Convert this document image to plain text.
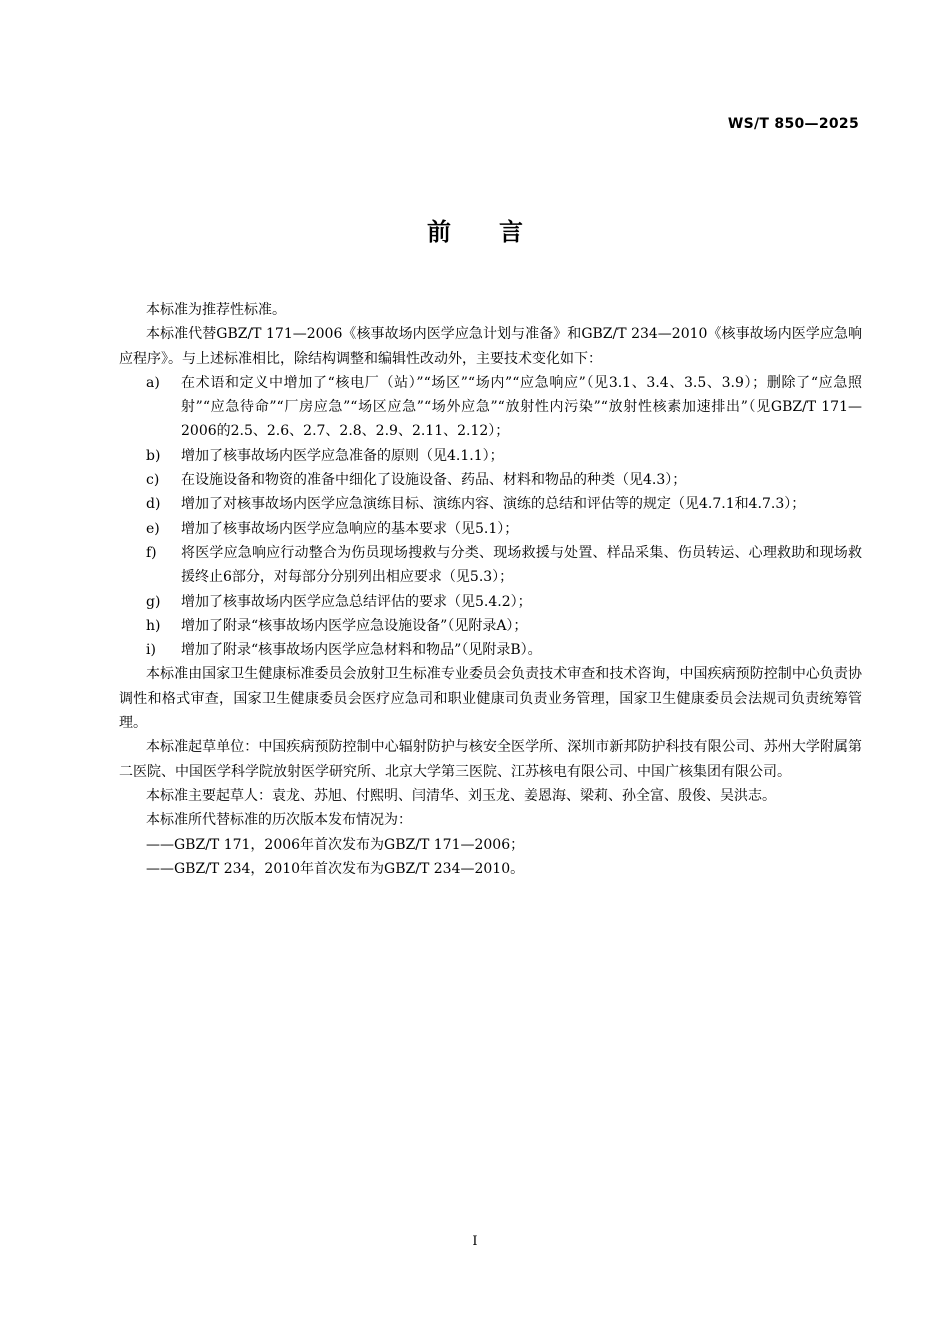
WS/T 850—2025
前言

本标准为推荐性标准。

本标准代替GBZ/T 171—2006《核事故场内医学应急计划与准备》和GBZ/T 234—2010《核事故场内医学应急响应程序》。与上述标准相比，除结构调整和编辑性改动外，主要技术变化如下：

a)	在术语和定义中增加了“核电厂（站）”“场区”“场内”“应急响应”（见3.1、3.4、3.5、3.9）；删除了“应急照射”“应急待命”“厂房应急”“场区应急”“场外应急”“放射性内污染”“放射性核素加速排出”（见GBZ/T 171—2006的2.5、2.6、2.7、2.8、2.9、2.11、2.12）；
b)	增加了核事故场内医学应急准备的原则（见4.1.1）；
c)	在设施设备和物资的准备中细化了设施设备、药品、材料和物品的种类（见4.3）；
d)	增加了对核事故场内医学应急演练目标、演练内容、演练的总结和评估等的规定（见4.7.1和4.7.3）；
e)	增加了核事故场内医学应急响应的基本要求（见5.1）；
f)	将医学应急响应行动整合为伤员现场搜救与分类、现场救援与处置、样品采集、伤员转运、心理救助和现场救援终止6部分，对每部分分别列出相应要求（见5.3）；
g)	增加了核事故场内医学应急总结评估的要求（见5.4.2）；
h)	增加了附录“核事故场内医学应急设施设备”（见附录A）；
i)	增加了附录“核事故场内医学应急材料和物品”（见附录B）。

本标准由国家卫生健康标准委员会放射卫生标准专业委员会负责技术审查和技术咨询，中国疾病预防控制中心负责协调性和格式审查，国家卫生健康委员会医疗应急司和职业健康司负责业务管理，国家卫生健康委员会法规司负责统筹管理。

本标准起草单位：中国疾病预防控制中心辐射防护与核安全医学所、深圳市新邦防护科技有限公司、苏州大学附属第二医院、中国医学科学院放射医学研究所、北京大学第三医院、江苏核电有限公司、中国广核集团有限公司。

本标准主要起草人：袁龙、苏旭、付熙明、闫清华、刘玉龙、姜恩海、梁莉、孙全富、殷俊、吴洪志。

本标准所代替标准的历次版本发布情况为：

——GBZ/T 171，2006年首次发布为GBZ/T 171—2006；

——GBZ/T 234，2010年首次发布为GBZ/T 234—2010。

I
